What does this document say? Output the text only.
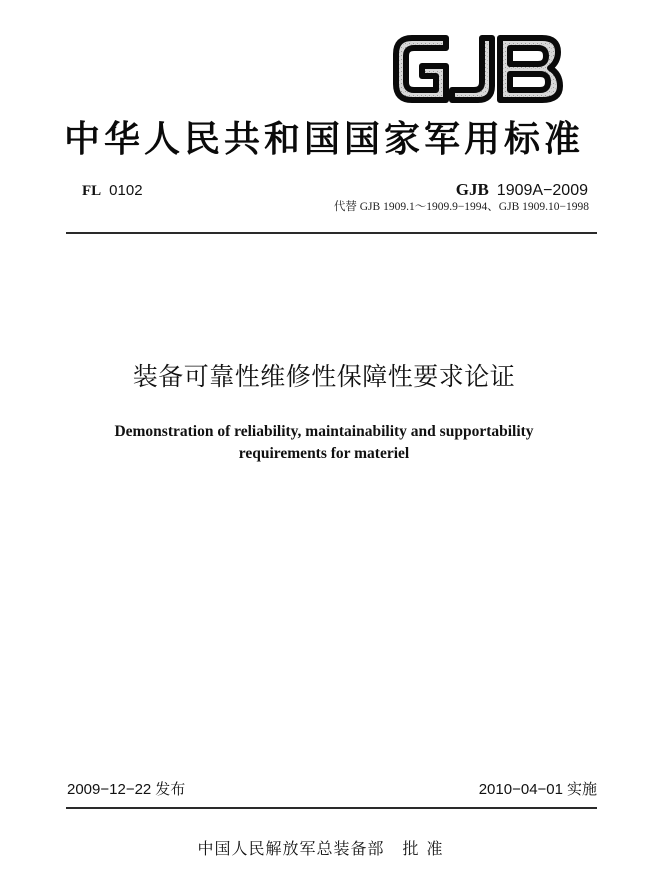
中华人民共和国国家军用标准
FL 0102	GJB 1909A−2009
代替 GJB 1909.1～1909.9−1994、GJB 1909.10−1998
装备可靠性维修性保障性要求论证
Demonstration of reliability, maintainability and supportability
requirements for materiel
2009−12−22 发布	2010−04−01 实施
中国人民解放军总装备部 批准
